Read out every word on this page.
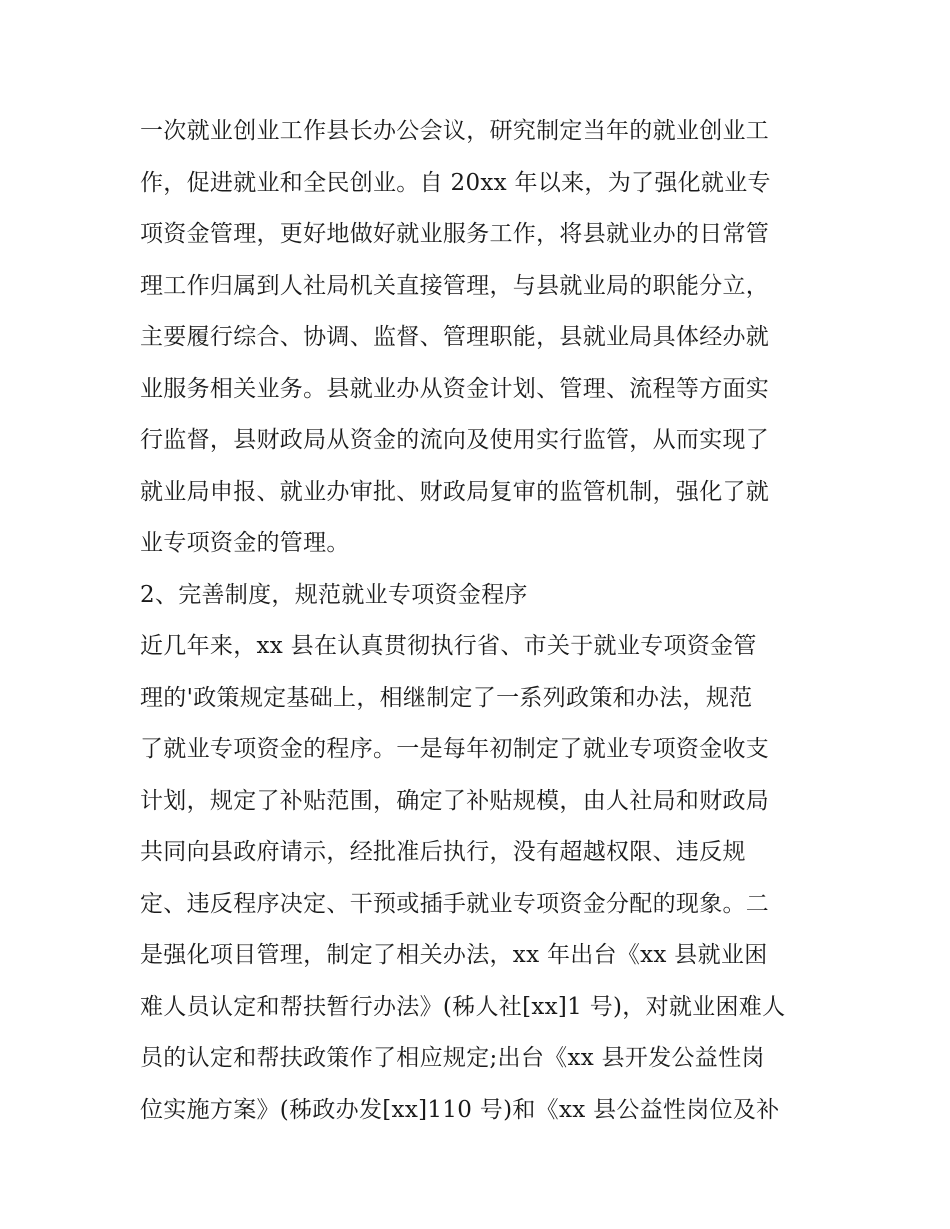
一次就业创业工作县长办公会议，研究制定当年的就业创业工
作，促进就业和全民创业。自 20xx 年以来，为了强化就业专
项资金管理，更好地做好就业服务工作，将县就业办的日常管
理工作归属到人社局机关直接管理，与县就业局的职能分立，
主要履行综合、协调、监督、管理职能，县就业局具体经办就
业服务相关业务。县就业办从资金计划、管理、流程等方面实
行监督，县财政局从资金的流向及使用实行监管，从而实现了
就业局申报、就业办审批、财政局复审的监管机制，强化了就
业专项资金的管理。
2、完善制度，规范就业专项资金程序
近几年来，xx 县在认真贯彻执行省、市关于就业专项资金管
理的'政策规定基础上，相继制定了一系列政策和办法，规范
了就业专项资金的程序。一是每年初制定了就业专项资金收支
计划，规定了补贴范围，确定了补贴规模，由人社局和财政局
共同向县政府请示，经批准后执行，没有超越权限、违反规
定、违反程序决定、干预或插手就业专项资金分配的现象。二
是强化项目管理，制定了相关办法，xx 年出台《xx 县就业困
难人员认定和帮扶暂行办法》(秭人社[xx]1 号)，对就业困难人
员的认定和帮扶政策作了相应规定;出台《xx 县开发公益性岗
位实施方案》(秭政办发[xx]110 号)和《xx 县公益性岗位及补
